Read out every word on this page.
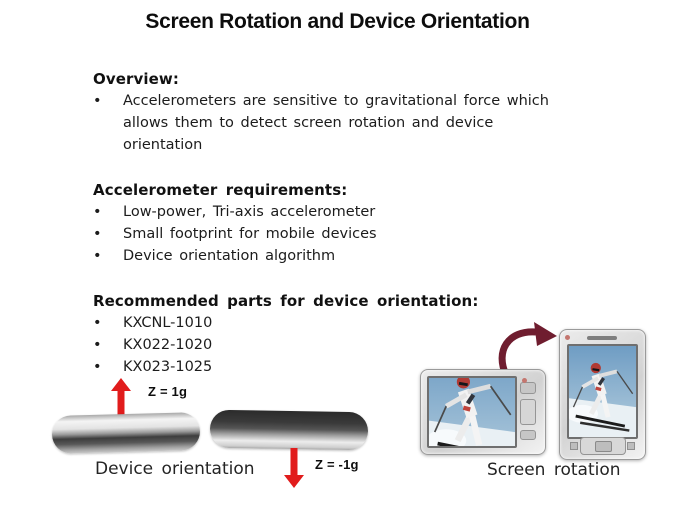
Screen Rotation and Device Orientation
Overview:
•	Accelerometers are sensitive to gravitational force which allows them to detect screen rotation and device orientation
Accelerometer requirements:
•	Low-power, Tri-axis accelerometer
•	Small footprint for mobile devices
•	Device orientation algorithm
Recommended parts for device orientation:
•	KXCNL-1010
•	KX022-1020
•	KX023-1025
Z = 1g
Z = -1g
Device orientation	Screen rotation
